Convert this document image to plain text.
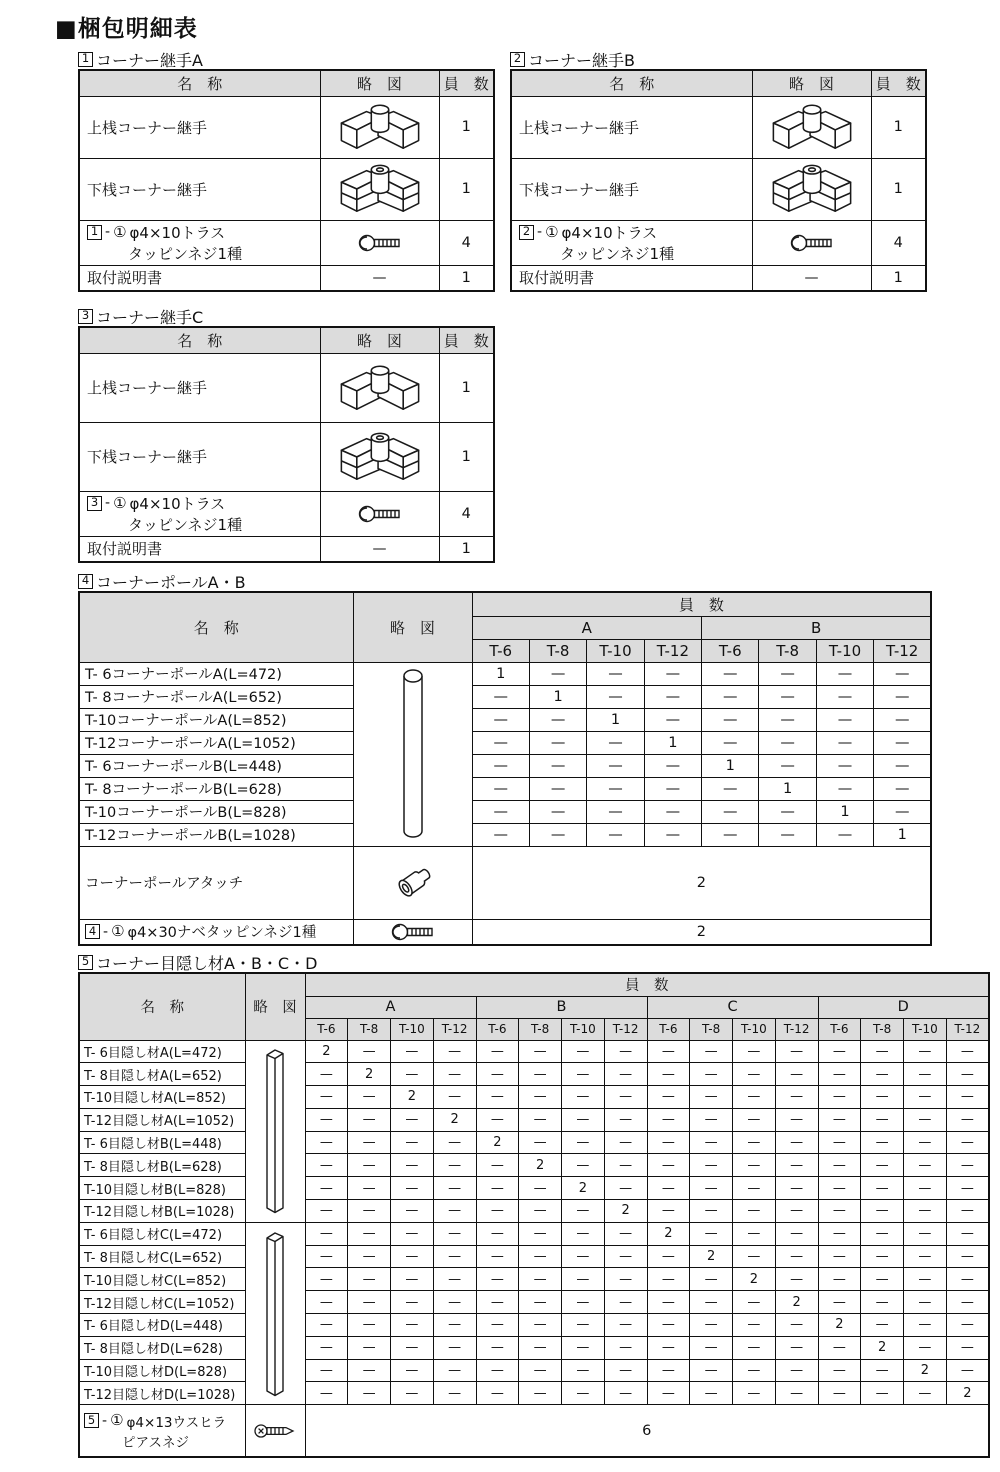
■梱包明細表
1 コーナー継手A
名　称	略　図	員　数
上桟コーナー継手		1
下桟コーナー継手		1

1 - ① φ4×10トラス
タッピンネジ1種		4
取付説明書	—	1
2 コーナー継手B
名　称	略　図	員　数
上桟コーナー継手		1
下桟コーナー継手		1

2 - ① φ4×10トラス
タッピンネジ1種		4
取付説明書	—	1
3 コーナー継手C
名　称	略　図	員　数
上桟コーナー継手		1
下桟コーナー継手		1

3 - ① φ4×10トラス
タッピンネジ1種		4
取付説明書	—	1
4 コーナーポールA・B
名　称	略　図	員　数							
		A				B			
		T-6	T-8	T-10	T-12	T-6	T-8	T-10	T-12
T- 6コーナーポールA(L=472)		1	—	—	—	—	—	—	—
T- 8コーナーポールA(L=652)		—	1	—	—	—	—	—	—
T-10コーナーポールA(L=852)		—	—	1	—	—	—	—	—
T-12コーナーポールA(L=1052)		—	—	—	1	—	—	—	—
T- 6コーナーポールB(L=448)		—	—	—	—	1	—	—	—
T- 8コーナーポールB(L=628)		—	—	—	—	—	1	—	—
T-10コーナーポールB(L=828)		—	—	—	—	—	—	1	—
T-12コーナーポールB(L=1028)		—	—	—	—	—	—	—	1
コーナーポールアタッチ		2							

4 - ① φ4×30ナベタッピンネジ1種		2							
5 コーナー目隠し材A・B・C・D
名　称	略　図	員　数															
		A				B				C				D			
		T-6	T-8	T-10	T-12	T-6	T-8	T-10	T-12	T-6	T-8	T-10	T-12	T-6	T-8	T-10	T-12
T- 6目隠し材A(L=472)		2	—	—	—	—	—	—	—	—	—	—	—	—	—	—	—
T- 8目隠し材A(L=652)		—	2	—	—	—	—	—	—	—	—	—	—	—	—	—	—
T-10目隠し材A(L=852)		—	—	2	—	—	—	—	—	—	—	—	—	—	—	—	—
T-12目隠し材A(L=1052)		—	—	—	2	—	—	—	—	—	—	—	—	—	—	—	—
T- 6目隠し材B(L=448)		—	—	—	—	2	—	—	—	—	—	—	—	—	—	—	—
T- 8目隠し材B(L=628)		—	—	—	—	—	2	—	—	—	—	—	—	—	—	—	—
T-10目隠し材B(L=828)		—	—	—	—	—	—	2	—	—	—	—	—	—	—	—	—
T-12目隠し材B(L=1028)		—	—	—	—	—	—	—	2	—	—	—	—	—	—	—	—
T- 6目隠し材C(L=472)		—	—	—	—	—	—	—	—	2	—	—	—	—	—	—	—
T- 8目隠し材C(L=652)		—	—	—	—	—	—	—	—	—	2	—	—	—	—	—	—
T-10目隠し材C(L=852)		—	—	—	—	—	—	—	—	—	—	2	—	—	—	—	—
T-12目隠し材C(L=1052)		—	—	—	—	—	—	—	—	—	—	—	2	—	—	—	—
T- 6目隠し材D(L=448)		—	—	—	—	—	—	—	—	—	—	—	—	2	—	—	—
T- 8目隠し材D(L=628)		—	—	—	—	—	—	—	—	—	—	—	—	—	2	—	—
T-10目隠し材D(L=828)		—	—	—	—	—	—	—	—	—	—	—	—	—	—	2	—
T-12目隠し材D(L=1028)		—	—	—	—	—	—	—	—	—	—	—	—	—	—	—	2

5 - ① φ4×13ウスヒラ
ピアスネジ		6															
